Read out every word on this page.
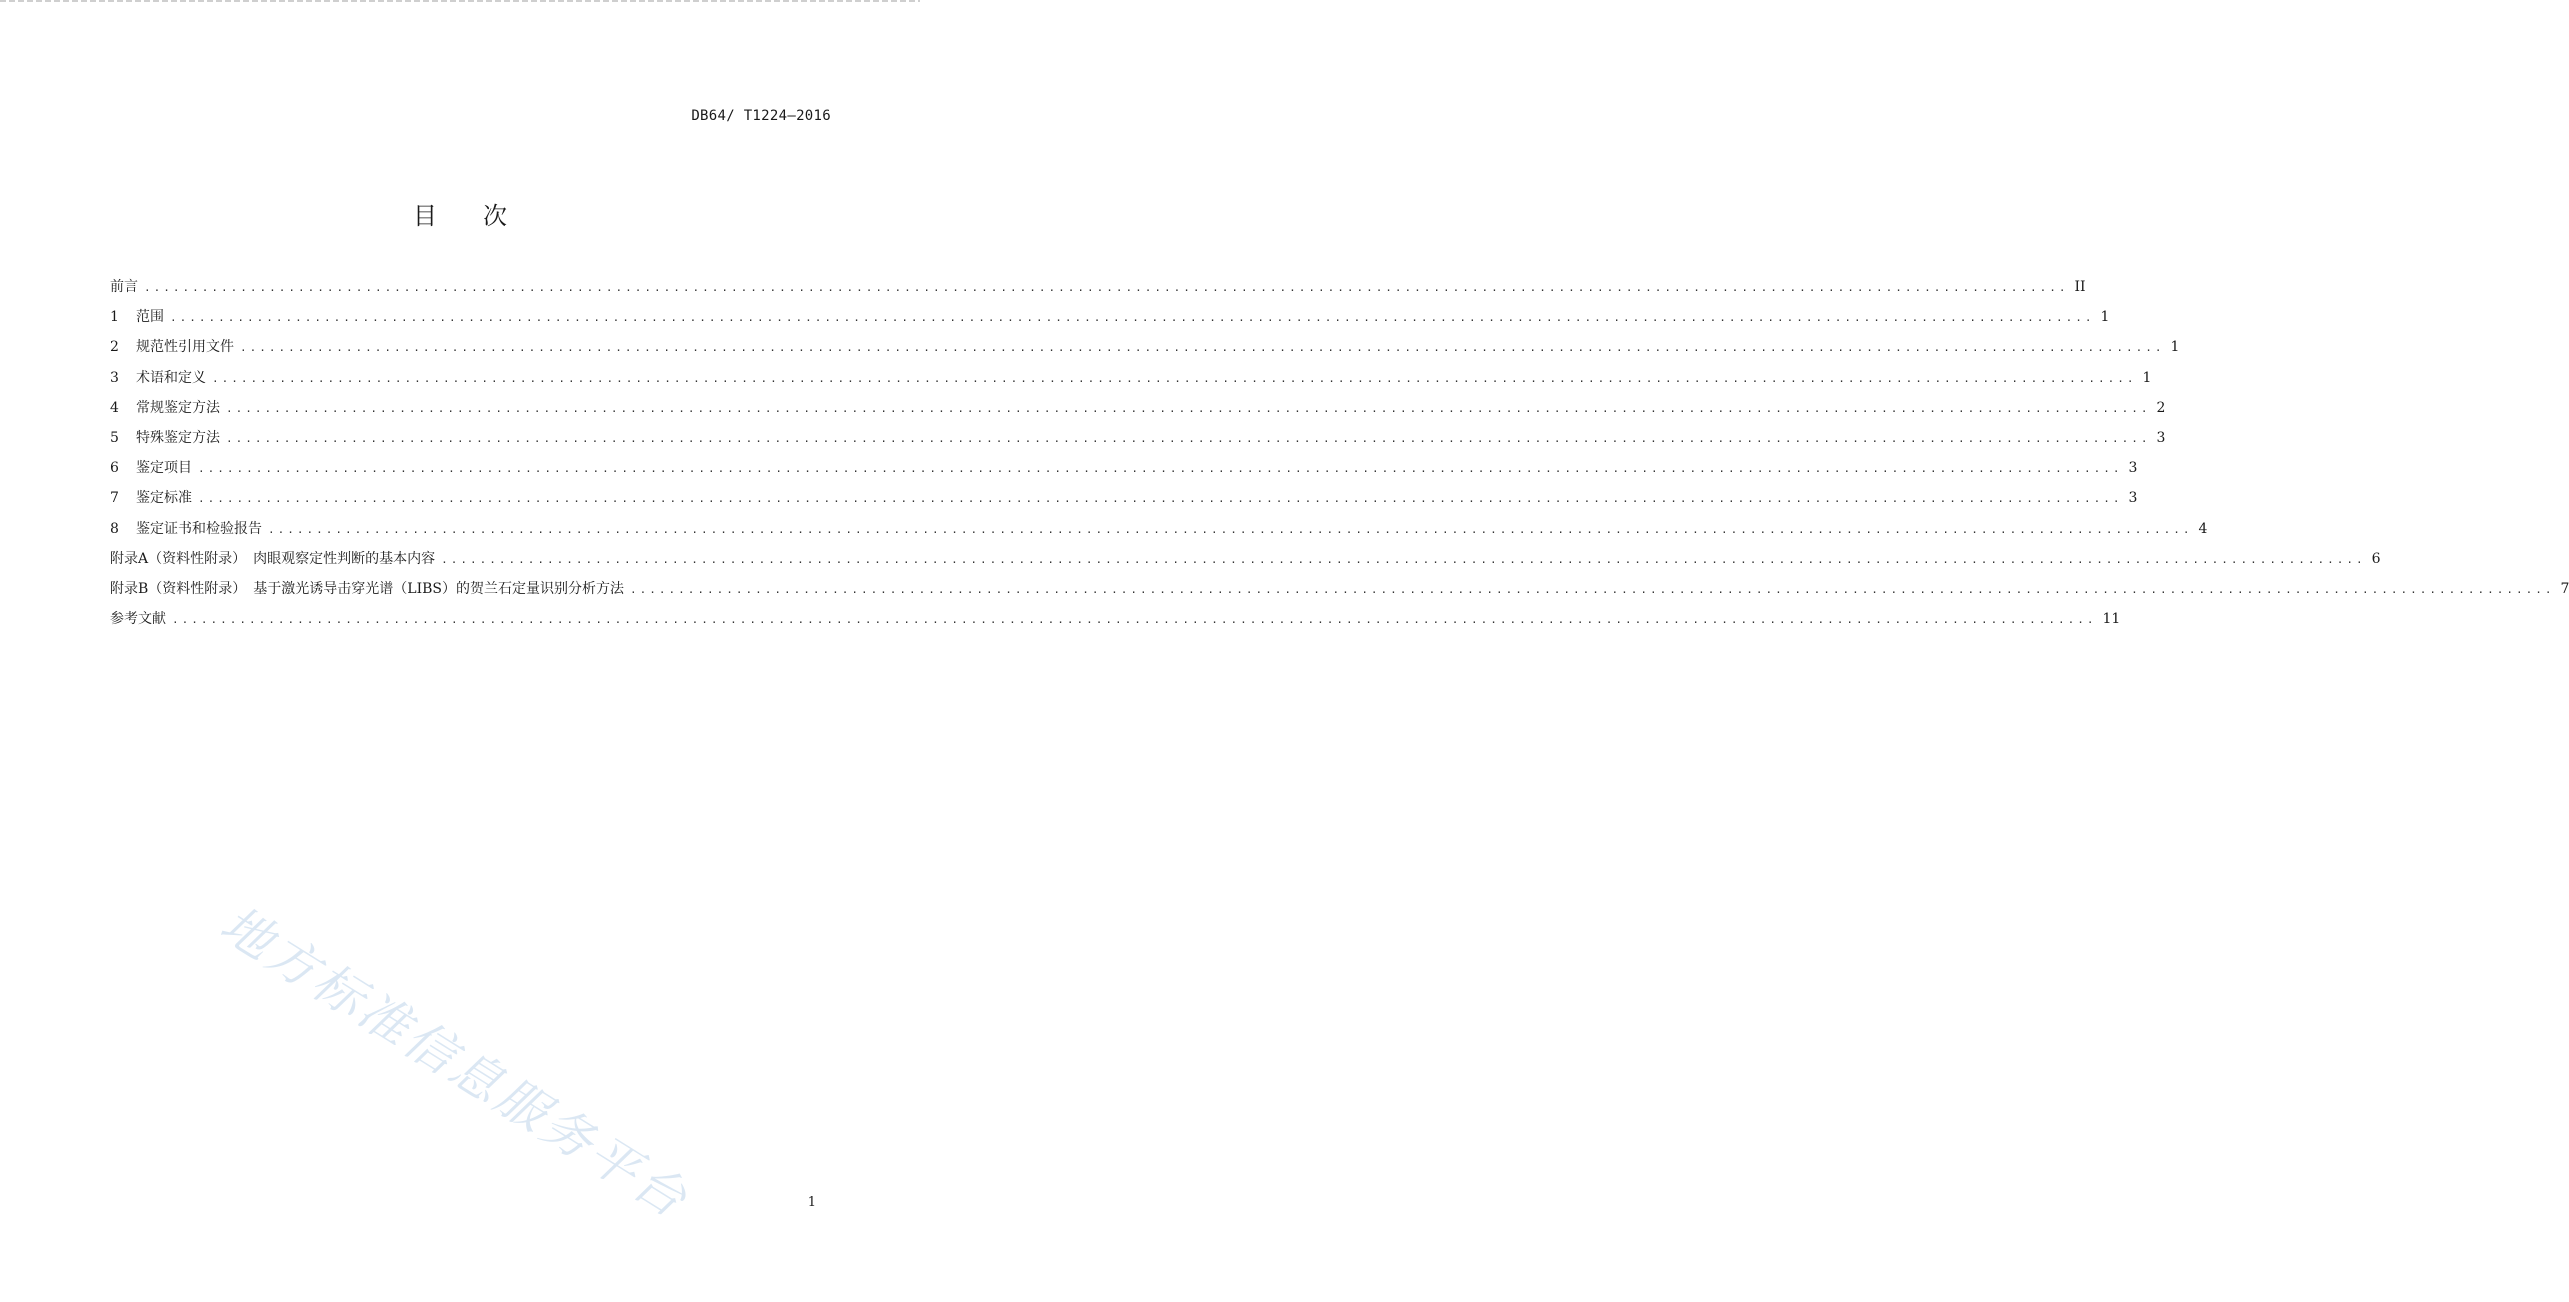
DB64/ T1224—2016
目次
前言 ........................................................................................................................................................................................................ II
1	范围 ........................................................................................................................................................................................................ 1
2	规范性引用文件 ........................................................................................................................................................................................................ 1
3	术语和定义 ........................................................................................................................................................................................................ 1
4	常规鉴定方法 ........................................................................................................................................................................................................ 2
5	特殊鉴定方法 ........................................................................................................................................................................................................ 3
6	鉴定项目 ........................................................................................................................................................................................................ 3
7	鉴定标准 ........................................................................................................................................................................................................ 3
8	鉴定证书和检验报告 ........................................................................................................................................................................................................ 4
附录A（资料性附录）　肉眼观察定性判断的基本内容 ........................................................................................................................................................................................................ 6
附录B（资料性附录）　基于激光诱导击穿光谱（LIBS）的贺兰石定量识别分析方法 ........................................................................................................................................................................................................ 7
参考文献 ........................................................................................................................................................................................................ 11
地方标准信息服务平台	1
